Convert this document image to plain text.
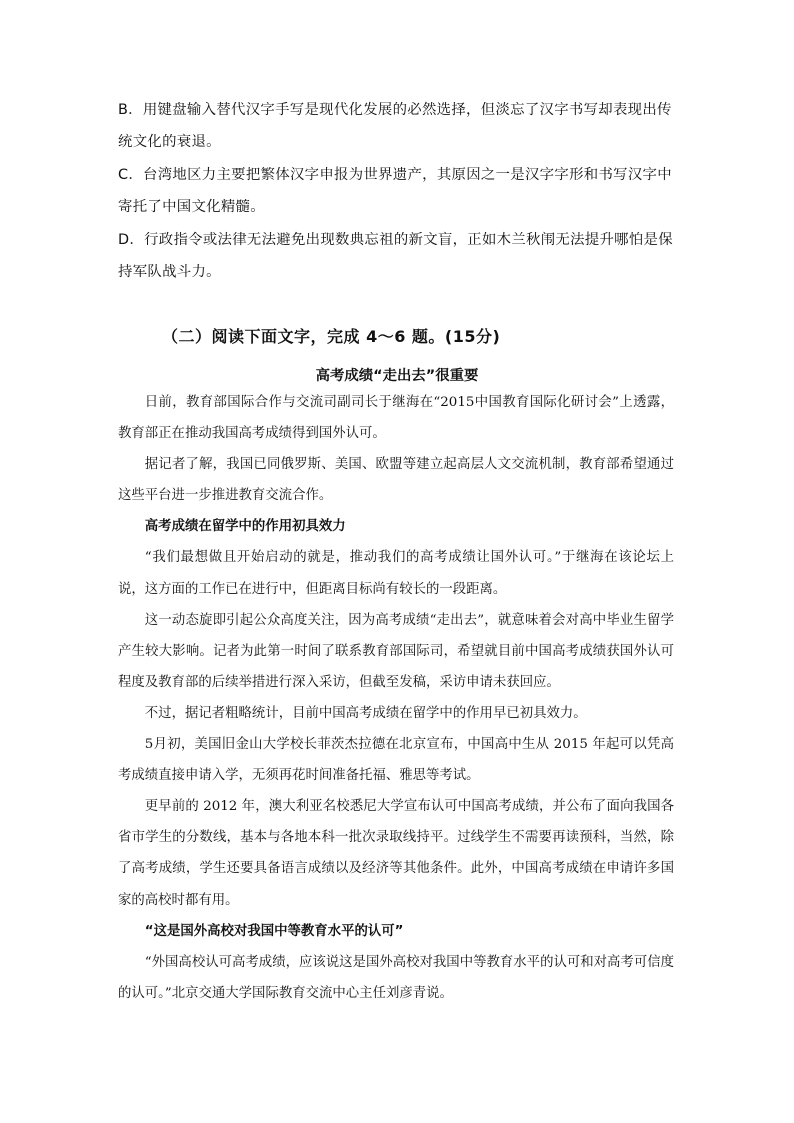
B．用键盘输入替代汉字手写是现代化发展的必然选择，但淡忘了汉字书写却表现出传统文化的衰退。

C．台湾地区力主要把繁体汉字申报为世界遗产，其原因之一是汉字字形和书写汉字中寄托了中国文化精髓。

D．行政指令或法律无法避免出现数典忘祖的新文盲，正如木兰秋闱无法提升哪怕是保持军队战斗力。

（二）阅读下面文字，完成 4～6 题。(15分)
高考成绩“走出去”很重要

日前，教育部国际合作与交流司副司长于继海在“2015中国教育国际化研讨会”上透露，教育部正在推动我国高考成绩得到国外认可。

据记者了解，我国已同俄罗斯、美国、欧盟等建立起高层人文交流机制，教育部希望通过这些平台进一步推进教育交流合作。

高考成绩在留学中的作用初具效力

“我们最想做且开始启动的就是，推动我们的高考成绩让国外认可。”于继海在该论坛上说，这方面的工作已在进行中，但距离目标尚有较长的一段距离。

这一动态旋即引起公众高度关注，因为高考成绩“走出去”，就意味着会对高中毕业生留学产生较大影响。记者为此第一时间了联系教育部国际司，希望就目前中国高考成绩获国外认可程度及教育部的后续举措进行深入采访，但截至发稿，采访申请未获回应。

不过，据记者粗略统计，目前中国高考成绩在留学中的作用早已初具效力。

5月初，美国旧金山大学校长菲茨杰拉德在北京宣布，中国高中生从 2015 年起可以凭高考成绩直接申请入学，无须再花时间准备托福、雅思等考试。

更早前的 2012 年，澳大利亚名校悉尼大学宣布认可中国高考成绩，并公布了面向我国各省市学生的分数线，基本与各地本科一批次录取线持平。过线学生不需要再读预科，当然，除了高考成绩，学生还要具备语言成绩以及经济等其他条件。此外，中国高考成绩在申请许多国家的高校时都有用。

“这是国外高校对我国中等教育水平的认可”

“外国高校认可高考成绩，应该说这是国外高校对我国中等教育水平的认可和对高考可信度的认可。”北京交通大学国际教育交流中心主任刘彦青说。
